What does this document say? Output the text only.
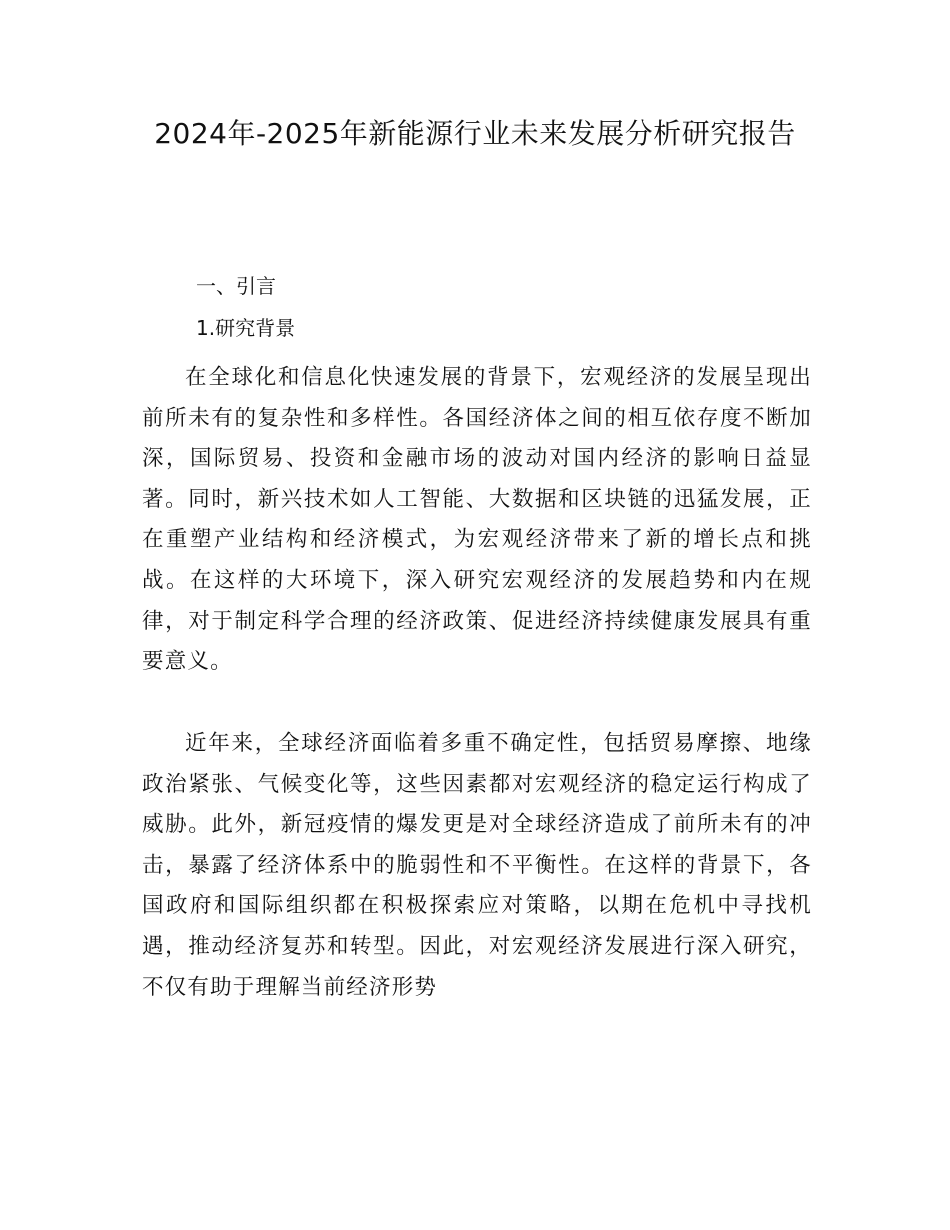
2024年-2025年新能源行业未来发展分析研究报告
一、引言
1.研究背景

在全球化和信息化快速发展的背景下，宏观经济的发展呈现出前所未有的复杂性和多样性。各国经济体之间的相互依存度不断加深，国际贸易、投资和金融市场的波动对国内经济的影响日益显著。同时，新兴技术如人工智能、大数据和区块链的迅猛发展，正在重塑产业结构和经济模式，为宏观经济带来了新的增长点和挑战。在这样的大环境下，深入研究宏观经济的发展趋势和内在规律，对于制定科学合理的经济政策、促进经济持续健康发展具有重要意义。

近年来，全球经济面临着多重不确定性，包括贸易摩擦、地缘政治紧张、气候变化等，这些因素都对宏观经济的稳定运行构成了威胁。此外，新冠疫情的爆发更是对全球经济造成了前所未有的冲击，暴露了经济体系中的脆弱性和不平衡性。在这样的背景下，各国政府和国际组织都在积极探索应对策略，以期在危机中寻找机遇，推动经济复苏和转型。因此，对宏观经济发展进行深入研究，不仅有助于理解当前经济形势
